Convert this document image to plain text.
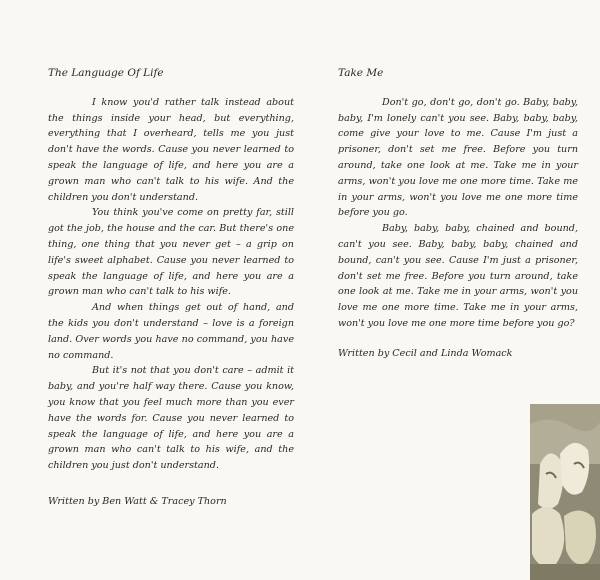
The Language Of Life

I know you'd rather talk instead about the things inside your head, but everything, everything that I overheard, tells me you just don't have the words. Cause you never learned to speak the language of life, and here you are a grown man who can't talk to his wife. And the children you don't understand.

You think you've come on pretty far, still got the job, the house and the car. But there's one thing, one thing that you never get – a grip on life's sweet alphabet. Cause you never learned to speak the language of life, and here you are a grown man who can't talk to his wife.

And when things get out of hand, and the kids you don't understand – love is a foreign land. Over words you have no command, you have no command.

But it's not that you don't care – admit it baby, and you're half way there. Cause you know, you know that you feel much more than you ever have the words for. Cause you never learned to speak the language of life, and here you are a grown man who can't talk to his wife, and the children you just don't understand.

Written by Ben Watt & Tracey Thorn

Take Me

Don't go, don't go, don't go. Baby, baby, baby, I'm lonely can't you see. Baby, baby, baby, come give your love to me. Cause I'm just a prisoner, don't set me free. Before you turn around, take one look at me. Take me in your arms, won't you love me one more time. Take me in your arms, won't you love me one more time before you go.

Baby, baby, baby, chained and bound, can't you see. Baby, baby, baby, chained and bound, can't you see. Cause I'm just a prisoner, don't set me free. Before you turn around, take one look at me. Take me in your arms, won't you love me one more time. Take me in your arms, won't you love me one more time before you go?

Written by Cecil and Linda Womack
